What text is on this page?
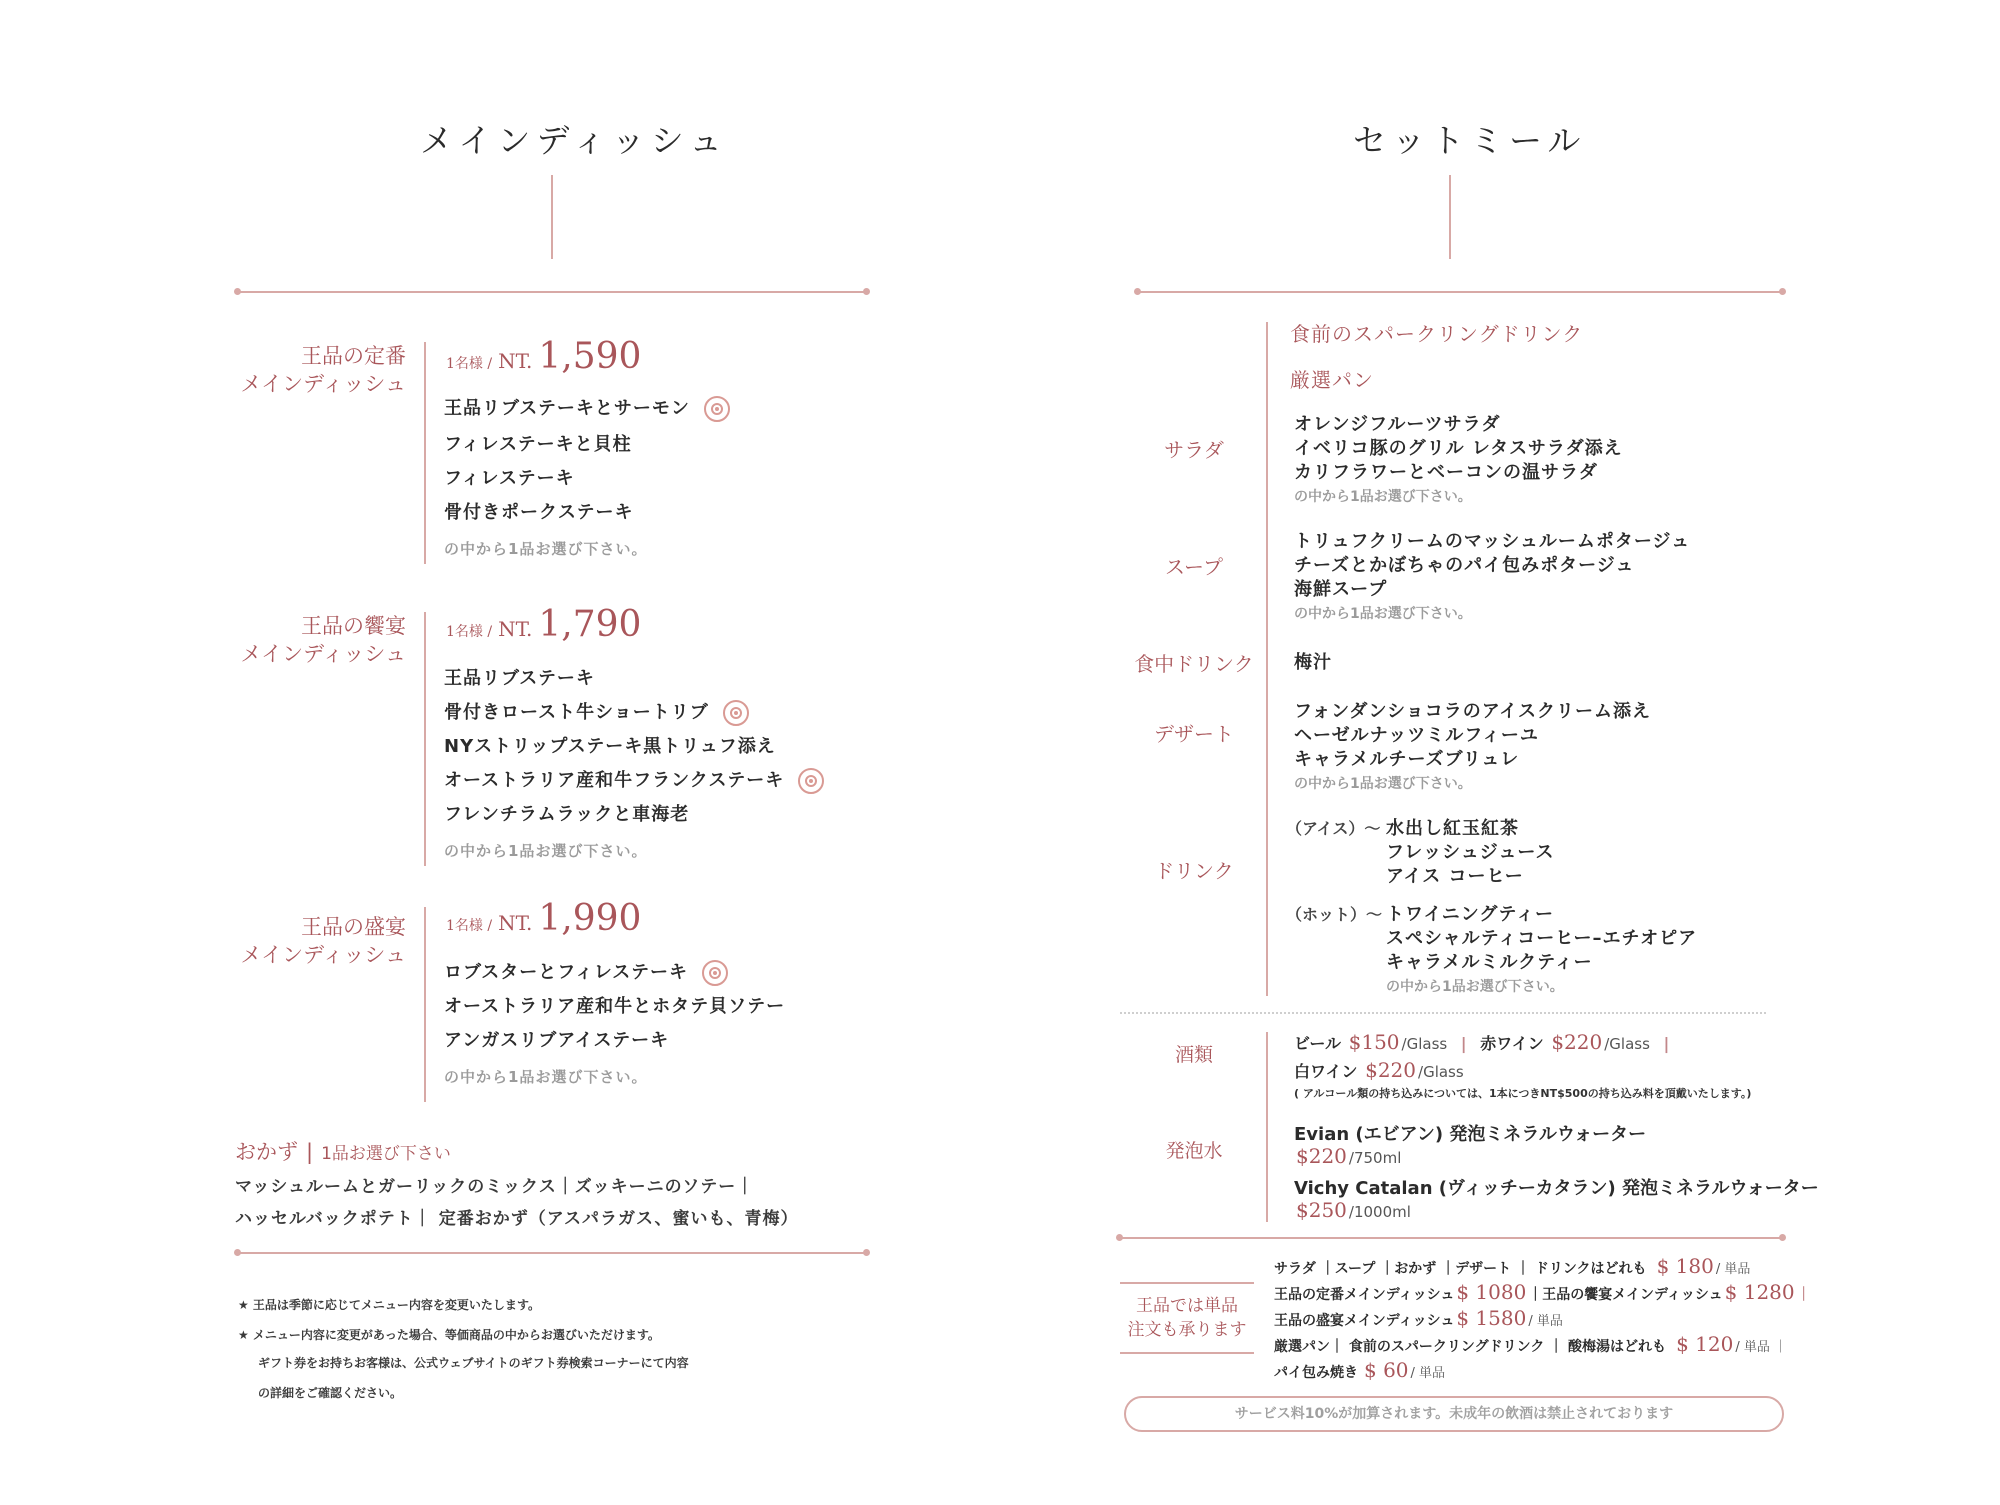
メインディッシュ
王品の定番
メインディッシュ
1名様 / NT. 1,590
王品リブステーキとサーモン
フィレステーキと貝柱
フィレステーキ
骨付きポークステーキ
の中から1品お選び下さい。
王品の饗宴
メインディッシュ
1名様 / NT. 1,790
王品リブステーキ
骨付きロースト牛ショートリブ
NYストリップステーキ黒トリュフ添え
オーストラリア産和牛フランクステーキ
フレンチラムラックと車海老
の中から1品お選び下さい。
王品の盛宴
メインディッシュ
1名様 / NT. 1,990
ロブスターとフィレステーキ
オーストラリア産和牛とホタテ貝ソテー
アンガスリブアイステーキ
の中から1品お選び下さい。
おかず | 1品お選び下さい
マッシュルームとガーリックのミックス｜ズッキーニのソテー｜
ハッセルバックポテト｜ 定番おかず（アスパラガス、蜜いも、青梅）
★ 王品は季節に応じてメニュー内容を変更いたします。
★ メニュー内容に変更があった場合、等価商品の中からお選びいただけます。
ギフト券をお持ちお客様は、公式ウェブサイトのギフト券検索コーナーにて内容
の詳細をご確認ください。
セットミール
食前のスパークリングドリンク
厳選パン
サラダ
オレンジフルーツサラダ
イベリコ豚のグリル レタスサラダ添え
カリフラワーとベーコンの温サラダ
の中から1品お選び下さい。
スープ
トリュフクリームのマッシュルームポタージュ
チーズとかぼちゃのパイ包みポタージュ
海鮮スープ
の中から1品お選び下さい。
食中ドリンク	梅汁
デザート
フォンダンショコラのアイスクリーム添え
ヘーゼルナッツミルフィーユ
キャラメルチーズブリュレ
の中から1品お選び下さい。
ドリンク
（アイス）～ 水出し紅玉紅茶
フレッシュジュース
アイス コーヒー
（ホット）～ トワイニングティー
スペシャルティコーヒー–エチオピア
キャラメルミルクティー
の中から1品お選び下さい。
酒類
ビール $150 /Glass | 赤ワイン $220 /Glass |
白ワイン $220 /Glass
( アルコール類の持ち込みについては、1本につきNT$500の持ち込み料を頂戴いたします。)
発泡水
Evian (エビアン) 発泡ミネラルウォーター
$220 /750ml
Vichy Catalan (ヴィッチーカタラン) 発泡ミネラルウォーター
$250 /1000ml
王品では単品
注文も承ります
サラダ ｜スープ ｜おかず ｜デザート ｜ ドリンクはどれも $ 180 / 単品
王品の定番メインディッシュ $ 1080 ｜王品の饗宴メインディッシュ $ 1280 ｜
王品の盛宴メインディッシュ $ 1580 / 単品
厳選パン｜ 食前のスパークリングドリンク ｜ 酸梅湯はどれも $ 120 / 単品 ｜
パイ包み焼き $ 60 / 単品
サービス料10%が加算されます。未成年の飲酒は禁止されております
